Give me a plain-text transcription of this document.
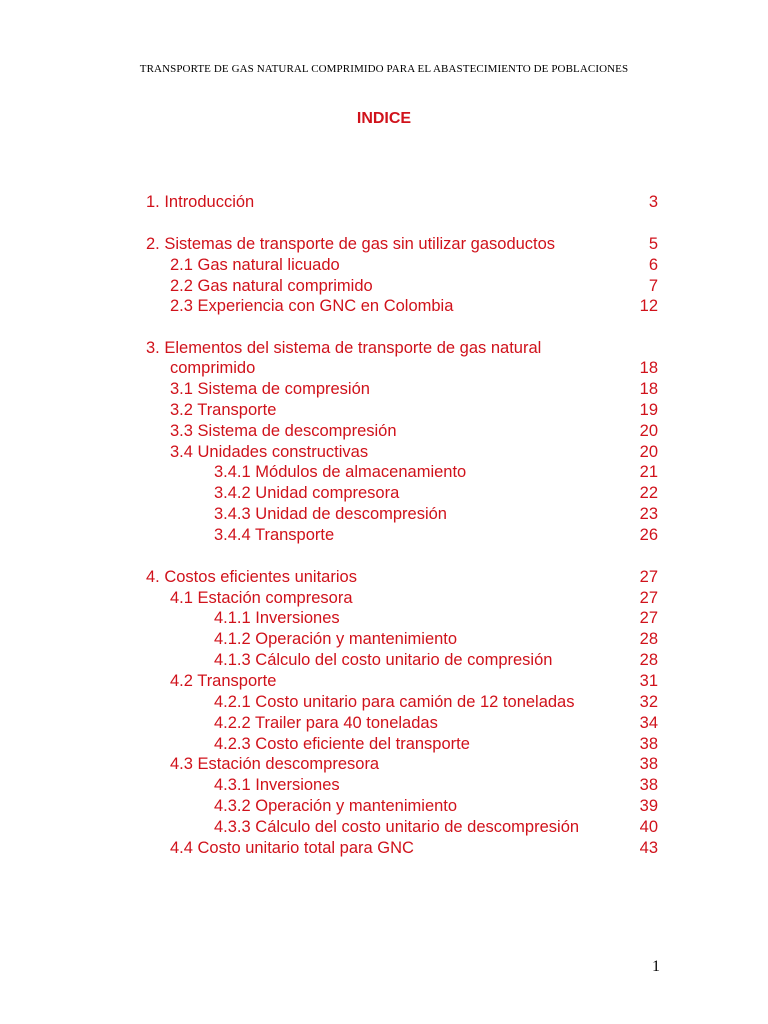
TRANSPORTE DE GAS NATURAL COMPRIMIDO PARA EL ABASTECIMIENTO DE POBLACIONES
INDICE
1. Introducción	3
2. Sistemas de transporte de gas sin utilizar gasoductos	5
2.1 Gas natural licuado	6
2.2 Gas natural comprimido	7
2.3 Experiencia con GNC en Colombia	12
3. Elementos del sistema de transporte de gas natural
comprimido	18
3.1 Sistema de compresión	18
3.2 Transporte	19
3.3 Sistema de descompresión	20
3.4 Unidades constructivas	20
3.4.1 Módulos de almacenamiento	21
3.4.2 Unidad compresora	22
3.4.3 Unidad de descompresión	23
3.4.4 Transporte	26
4. Costos eficientes unitarios	27
4.1 Estación compresora	27
4.1.1 Inversiones	27
4.1.2 Operación y mantenimiento	28
4.1.3 Cálculo del costo unitario de compresión	28
4.2 Transporte	31
4.2.1 Costo unitario para camión de 12 toneladas	32
4.2.2 Trailer para 40 toneladas	34
4.2.3 Costo eficiente del transporte	38
4.3 Estación descompresora	38
4.3.1 Inversiones	38
4.3.2 Operación y mantenimiento	39
4.3.3 Cálculo del costo unitario de descompresión	40
4.4 Costo unitario total para GNC	43
1
